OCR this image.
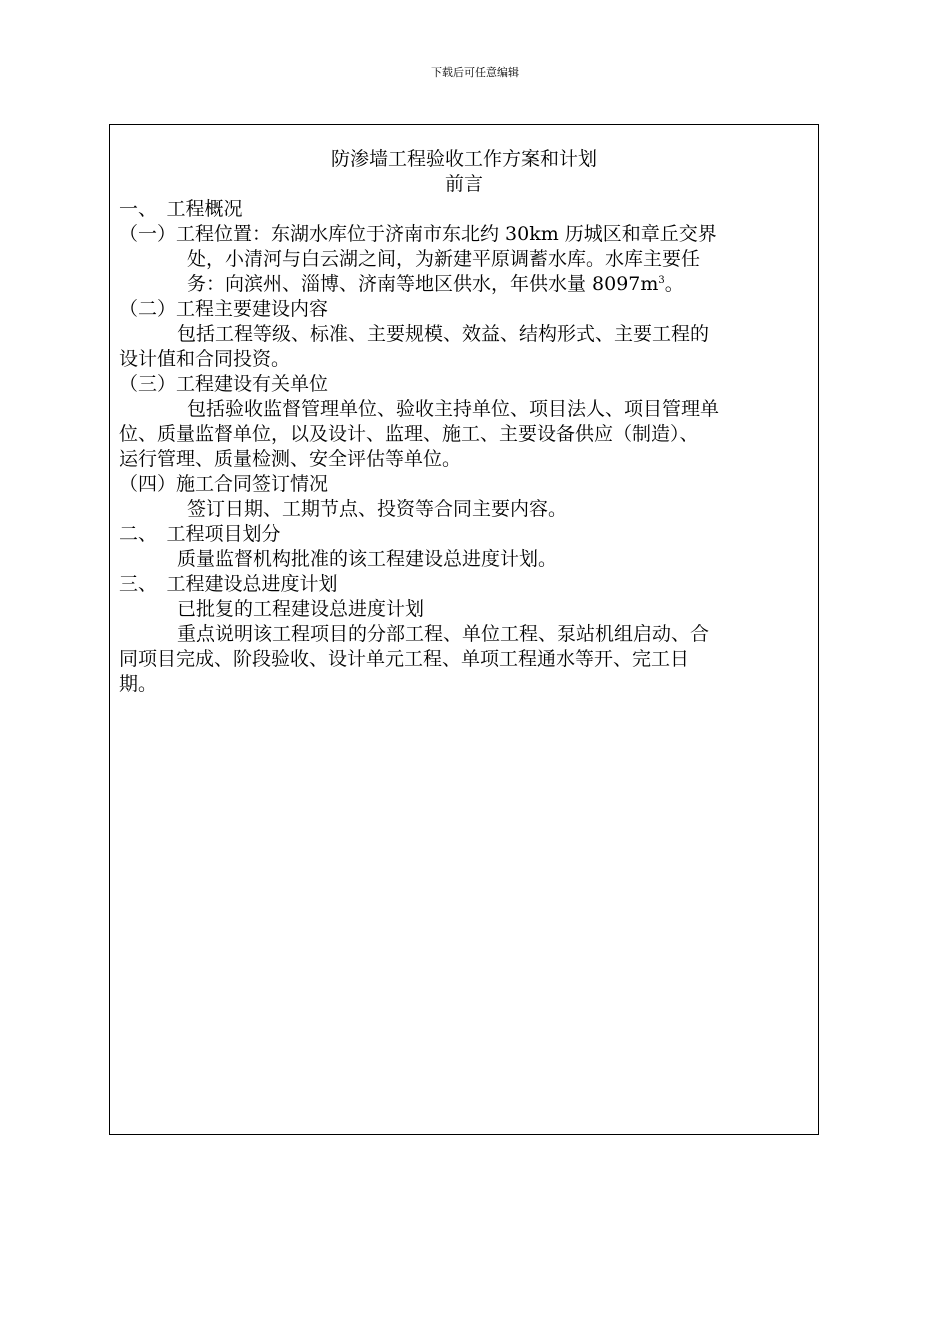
下载后可任意编辑
防渗墙工程验收工作方案和计划
前言
一、　工程概况
（一）工程位置：东湖水库位于济南市东北约 30km 历城区和章丘交界
处，小清河与白云湖之间，为新建平原调蓄水库。水库主要任
务：向滨州、淄博、济南等地区供水，年供水量 $8097m^3$。
（二）工程主要建设内容
包括工程等级、标准、主要规模、效益、结构形式、主要工程的
设计值和合同投资。
（三）工程建设有关单位
包括验收监督管理单位、验收主持单位、项目法人、项目管理单
位、质量监督单位，以及设计、监理、施工、主要设备供应（制造）、
运行管理、质量检测、安全评估等单位。
（四）施工合同签订情况
签订日期、工期节点、投资等合同主要内容。
二、　工程项目划分
质量监督机构批准的该工程建设总进度计划。
三、　工程建设总进度计划
已批复的工程建设总进度计划
重点说明该工程项目的分部工程、单位工程、泵站机组启动、合
同项目完成、阶段验收、设计单元工程、单项工程通水等开、完工日
期。
